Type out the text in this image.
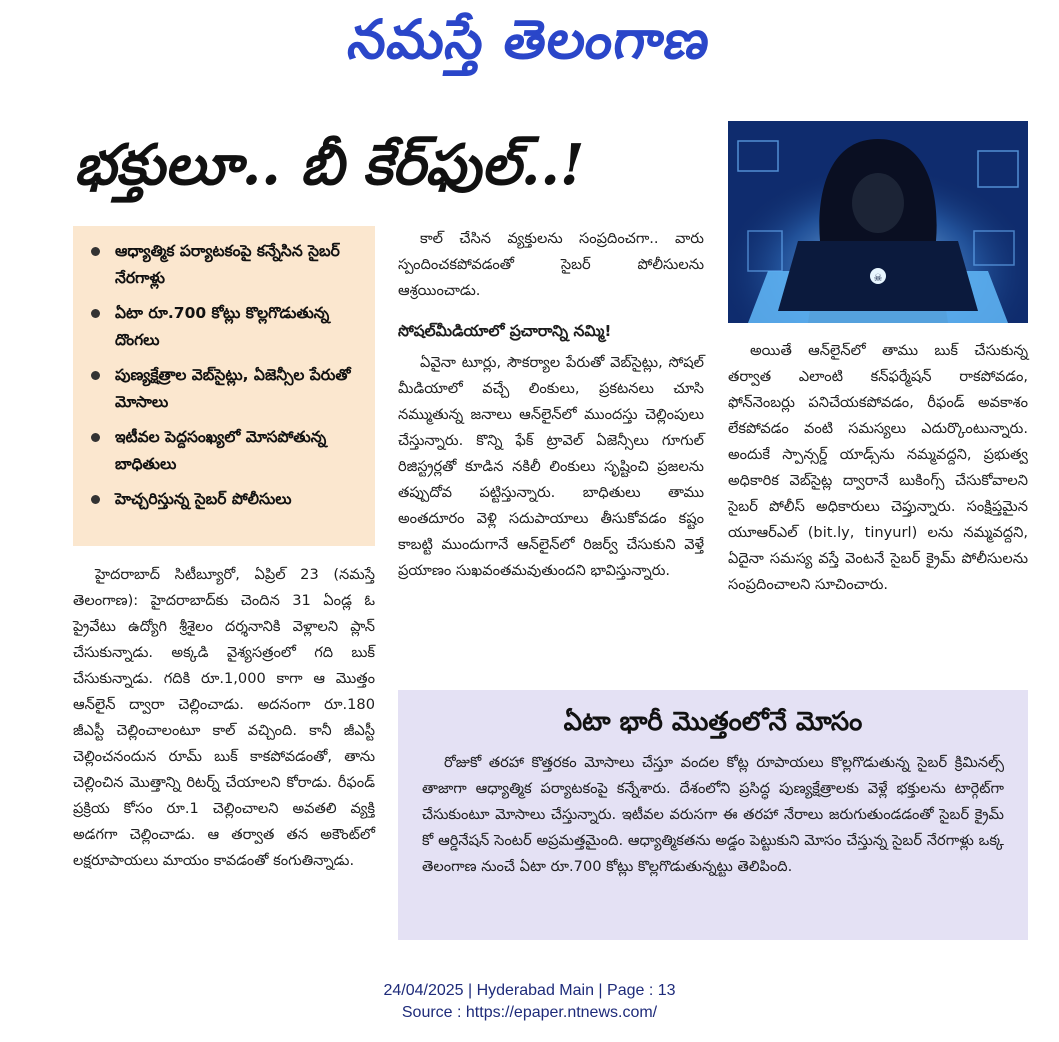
నమస్తే తెలంగాణ
భక్తులూ.. బీ కేర్‌ఫుల్..!
☠
ఆధ్యాత్మిక పర్యాటకంపై కన్నేసిన సైబర్ నేరగాళ్లు
ఏటా రూ.700 కోట్లు కొల్లగొడుతున్న దొంగలు
పుణ్యక్షేత్రాల వెబ్‌సైట్లు, ఏజెన్సీల పేరుతో మోసాలు
ఇటీవల పెద్దసంఖ్యలో మోసపోతున్న బాధితులు
హెచ్చరిస్తున్న సైబర్ పోలీసులు

హైదరాబాద్ సిటీబ్యూరో, ఏప్రిల్ 23 (నమస్తే తెలంగాణ): హైదరాబాద్‌కు చెందిన 31 ఏండ్ల ఓ ప్రైవేటు ఉద్యోగి శ్రీశైలం దర్శనానికి వెళ్లాలని ప్లాన్ చేసుకున్నాడు. అక్కడి వైశ్యసత్రంలో గది బుక్ చేసుకున్నాడు. గదికి రూ.1,000 కాగా ఆ మొత్తం ఆన్‌లైన్ ద్వారా చెల్లించాడు. అదనంగా రూ.180 జీఎస్టీ చెల్లించాలంటూ కాల్ వచ్చింది. కానీ జీఎస్టీ చెల్లించనందున రూమ్ బుక్ కాకపోవడంతో, తాను చెల్లించిన మొత్తాన్ని రిటర్న్ చేయాలని కోరాడు. రీఫండ్ ప్రక్రియ కోసం రూ.1 చెల్లించాలని అవతలి వ్యక్తి అడగగా చెల్లించాడు. ఆ తర్వాత తన అకౌంట్‌లో లక్షరూపాయలు మాయం కావడంతో కంగుతిన్నాడు.

కాల్ చేసిన వ్యక్తులను సంప్రదించగా.. వారు స్పందించకపోవడంతో సైబర్ పోలీసులను ఆశ్రయించాడు.

సోషల్‌మీడియాలో ప్రచారాన్ని నమ్మి!

ఏవైనా టూర్లు, సౌకర్యాల పేరుతో వెబ్‌సైట్లు, సోషల్ మీడియాలో వచ్చే లింకులు, ప్రకటనలు చూసి నమ్ముతున్న జనాలు ఆన్‌లైన్‌లో ముందస్తు చెల్లింపులు చేస్తున్నారు. కొన్ని ఫేక్ ట్రావెల్ ఏజెన్సీలు గూగుల్ రిజిస్ట్రర్లతో కూడిన నకిలీ లింకులు సృష్టించి ప్రజలను తప్పుదోవ పట్టిస్తున్నారు. బాధితులు తాము అంతదూరం వెళ్లి సదుపాయాలు తీసుకోవడం కష్టం కాబట్టి ముందుగానే ఆన్‌లైన్‌లో రిజర్వ్ చేసుకుని వెళ్తే ప్రయాణం సుఖవంతమవుతుందని భావిస్తున్నారు.

అయితే ఆన్‌లైన్‌లో తాము బుక్ చేసుకున్న తర్వాత ఎలాంటి కన్‌ఫర్మేషన్ రాకపోవడం, ఫోన్‌నెంబర్లు పనిచేయకపోవడం, రీఫండ్ అవకాశం లేకపోవడం వంటి సమస్యలు ఎదుర్కొంటున్నారు. అందుకే స్పాన్సర్డ్ యాడ్స్‌ను నమ్మవద్దని, ప్రభుత్వ అధికారిక వెబ్‌సైట్ల ద్వారానే బుకింగ్స్ చేసుకోవాలని సైబర్ పోలీస్ అధికారులు చెప్తున్నారు. సంక్షిప్తమైన యూఆర్‌ఎల్ (bit.ly, tinyurl) లను నమ్మవద్దని, ఏదైనా సమస్య వస్తే వెంటనే సైబర్ క్రైమ్ పోలీసులను సంప్రదించాలని సూచించారు.

ఏటా భారీ మొత్తంలోనే మోసం

రోజుకో తరహా కొత్తరకం మోసాలు చేస్తూ వందల కోట్ల రూపాయలు కొల్లగొడుతున్న సైబర్ క్రిమినల్స్ తాజాగా ఆధ్యాత్మిక పర్యాటకంపై కన్నేశారు. దేశంలోని ప్రసిద్ధ పుణ్యక్షేత్రాలకు వెళ్లే భక్తులను టార్గెట్‌గా చేసుకుంటూ మోసాలు చేస్తున్నారు. ఇటీవల వరుసగా ఈ తరహా నేరాలు జరుగుతుండడంతో సైబర్ క్రైమ్ కో ఆర్డినేషన్ సెంటర్ అప్రమత్తమైంది. ఆధ్యాత్మికతను అడ్డం పెట్టుకుని మోసం చేస్తున్న సైబర్ నేరగాళ్లు ఒక్క తెలంగాణ నుంచే ఏటా రూ.700 కోట్లు కొల్లగొడుతున్నట్టు తెలిపింది.

24/04/2025 | Hyderabad Main | Page : 13
Source : https://epaper.ntnews.com/
